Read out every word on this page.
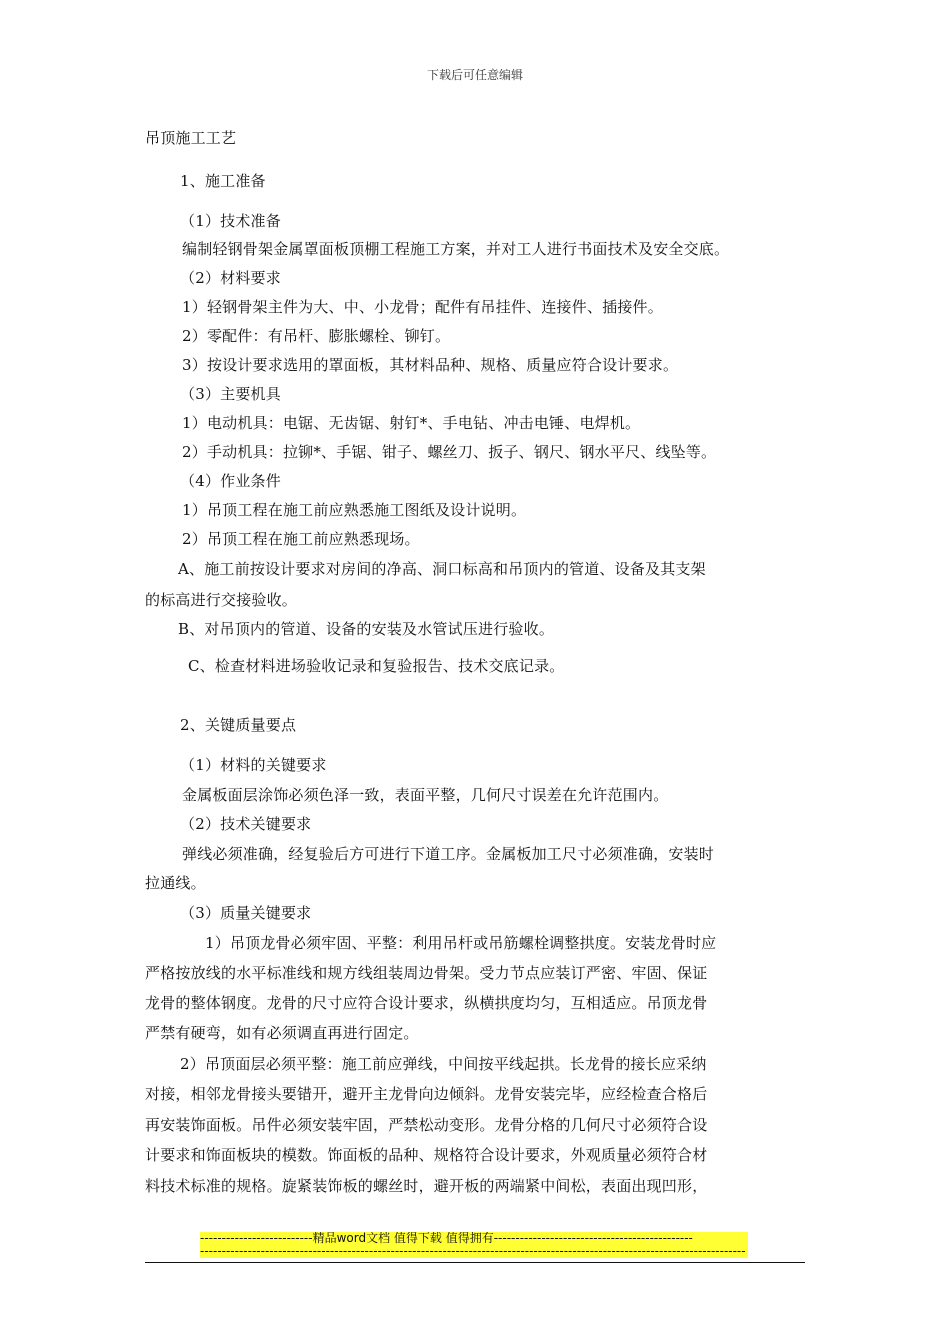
下载后可任意编辑
吊顶施工工艺
1、施工准备
（1）技术准备
编制轻钢骨架金属罩面板顶棚工程施工方案，并对工人进行书面技术及安全交底。
（2）材料要求
1）轻钢骨架主件为大、中、小龙骨；配件有吊挂件、连接件、插接件。
2）零配件：有吊杆、膨胀螺栓、铆钉。
3）按设计要求选用的罩面板，其材料品种、规格、质量应符合设计要求。
（3）主要机具
1）电动机具：电锯、无齿锯、射钉*、手电钻、冲击电锤、电焊机。
2）手动机具：拉铆*、手锯、钳子、螺丝刀、扳子、钢尺、钢水平尺、线坠等。
（4）作业条件
1）吊顶工程在施工前应熟悉施工图纸及设计说明。
2）吊顶工程在施工前应熟悉现场。
A、施工前按设计要求对房间的净高、洞口标高和吊顶内的管道、设备及其支架
的标高进行交接验收。
B、对吊顶内的管道、设备的安装及水管试压进行验收。
C、检查材料进场验收记录和复验报告、技术交底记录。
2、关键质量要点
（1）材料的关键要求
金属板面层涂饰必须色泽一致，表面平整，几何尺寸误差在允许范围内。
（2）技术关键要求
弹线必须准确，经复验后方可进行下道工序。金属板加工尺寸必须准确，安装时
拉通线。
（3）质量关键要求
1）吊顶龙骨必须牢固、平整：利用吊杆或吊筋螺栓调整拱度。安装龙骨时应
严格按放线的水平标准线和规方线组装周边骨架。受力节点应装订严密、牢固、保证
龙骨的整体钢度。龙骨的尺寸应符合设计要求，纵横拱度均匀，互相适应。吊顶龙骨
严禁有硬弯，如有必须调直再进行固定。
2）吊顶面层必须平整：施工前应弹线，中间按平线起拱。长龙骨的接长应采纳
对接，相邻龙骨接头要错开，避开主龙骨向边倾斜。龙骨安装完毕，应经检查合格后
再安装饰面板。吊件必须安装牢固，严禁松动变形。龙骨分格的几何尺寸必须符合设
计要求和饰面板块的模数。饰面板的品种、规格符合设计要求，外观质量必须符合材
料技术标准的规格。旋紧装饰板的螺丝时，避开板的两端紧中间松，表面出现凹形，
--------------------------精品word文档 值得下载 值得拥有----------------------------------------------
------------------------------------------------------------------------------------------------------------------------------
